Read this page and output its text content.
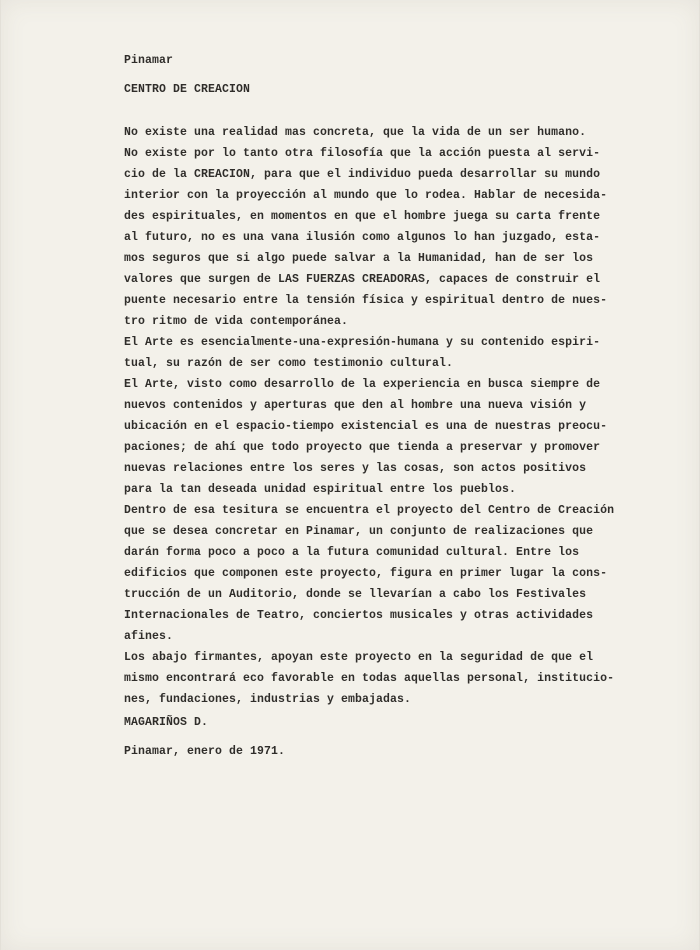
Pinamar

CENTRO DE CREACION

No existe una realidad mas concreta, que la vida de un ser humano.

No existe por lo tanto otra filosofía que la acción puesta al servi-

cio de la CREACION, para que el individuo pueda desarrollar su mundo

interior con la proyección al mundo que lo rodea. Hablar de necesida-

des espirituales, en momentos en que el hombre juega su carta frente

al futuro, no es una vana ilusión como algunos lo han juzgado, esta-

mos seguros que si algo puede salvar a la Humanidad, han de ser los

valores que surgen de LAS FUERZAS CREADORAS, capaces de construir el

puente necesario entre la tensión física y espiritual dentro de nues-

tro ritmo de vida contemporánea.

El Arte es esencialmente-una-expresión-humana y su contenido espiri-

tual, su razón de ser como testimonio cultural.

El Arte, visto como desarrollo de la experiencia en busca siempre de

nuevos contenidos y aperturas que den al hombre una nueva visión y

ubicación en el espacio-tiempo existencial es una de nuestras preocu-

paciones; de ahí que todo proyecto que tienda a preservar y promover

nuevas relaciones entre los seres y las cosas, son actos positivos

para la tan deseada unidad espiritual entre los pueblos.

Dentro de esa tesitura se encuentra el proyecto del Centro de Creación

que se desea concretar en Pinamar, un conjunto de realizaciones que

darán forma poco a poco a la futura comunidad cultural. Entre los

edificios que componen este proyecto, figura en primer lugar la cons-

trucción de un Auditorio, donde se llevarían a cabo los Festivales

Internacionales de Teatro, conciertos musicales y otras actividades

afines.

Los abajo firmantes, apoyan este proyecto en la seguridad de que el

mismo encontrará eco favorable en todas aquellas personal, institucio-

nes, fundaciones, industrias y embajadas.

MAGARIÑOS D.

Pinamar, enero de 1971.
